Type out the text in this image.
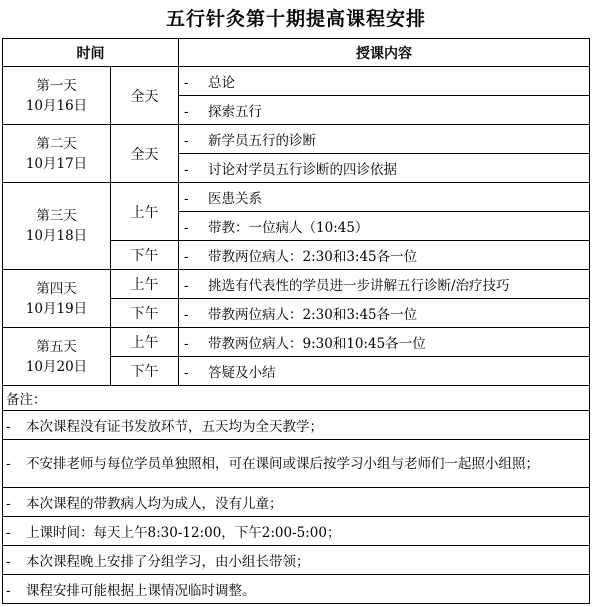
五行针灸第十期提高课程安排
时间		授课内容

第一天
10月16日	全天	- 总论
		- 探索五行

第二天
10月17日	全天	- 新学员五行的诊断
		- 讨论对学员五行诊断的四诊依据

第三天
10月18日	上午	- 医患关系
		- 带教：一位病人（10:45）
	下午	- 带教两位病人：2:30和3:45各一位

第四天
10月19日	上午	- 挑选有代表性的学员进一步讲解五行诊断/治疗技巧
	下午	- 带教两位病人：2:30和3:45各一位

第五天
10月20日	上午	- 带教两位病人：9:30和10:45各一位
	下午	- 答疑及小结
备注：		
- 本次课程没有证书发放环节，五天均为全天教学；		
- 不安排老师与每位学员单独照相，可在课间或课后按学习小组与老师们一起照小组照；		
- 本次课程的带教病人均为成人，没有儿童；		
- 上课时间：每天上午8:30-12:00，下午2:00-5:00；		
- 本次课程晚上安排了分组学习，由小组长带领；		
- 课程安排可能根据上课情况临时调整。		
